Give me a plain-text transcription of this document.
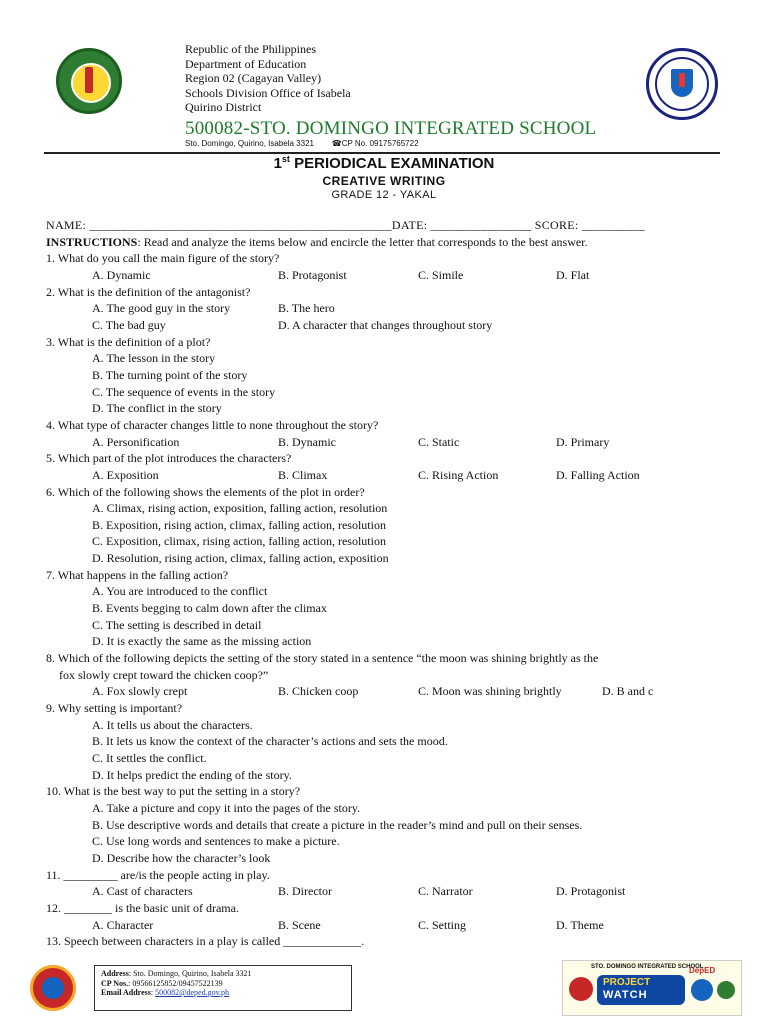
Republic of the Philippines
Department of Education
Region 02 (Cagayan Valley)
Schools Division Office of Isabela
Quirino District
500082-STO. DOMINGO INTEGRATED SCHOOL
Sto. Domingo, Quirino, Isabela 3321 ☎CP No. 09175765722
1st PERIODICAL EXAMINATION
CREATIVE WRITING
GRADE 12 - YAKAL
NAME: ________________________________________________DATE: ________________ SCORE: __________
INSTRUCTIONS: Read and analyze the items below and encircle the letter that corresponds to the best answer.
1. What do you call the main figure of the story?
A. Dynamic	B. Protagonist	C. Simile	D. Flat
2. What is the definition of the antagonist?
A. The good guy in the story	B. The hero
C. The bad guy	D. A character that changes throughout story
3. What is the definition of a plot?
A. The lesson in the story
B. The turning point of the story
C. The sequence of events in the story
D. The conflict in the story
4. What type of character changes little to none throughout the story?
A. Personification	B. Dynamic	C. Static	D. Primary
5. Which part of the plot introduces the characters?
A. Exposition	B. Climax	C. Rising Action	D. Falling Action
6. Which of the following shows the elements of the plot in order?
A. Climax, rising action, exposition, falling action, resolution
B. Exposition, rising action, climax, falling action, resolution
C. Exposition, climax, rising action, falling action, resolution
D. Resolution, rising action, climax, falling action, exposition
7. What happens in the falling action?
A. You are introduced to the conflict
B. Events begging to calm down after the climax
C. The setting is described in detail
D. It is exactly the same as the missing action
8. Which of the following depicts the setting of the story stated in a sentence “the moon was shining brightly as the
fox slowly crept toward the chicken coop?”
A. Fox slowly crept	B. Chicken coop	C. Moon was shining brightly	D. B and c
9. Why setting is important?
A. It tells us about the characters.
B. It lets us know the context of the character’s actions and sets the mood.
C. It settles the conflict.
D. It helps predict the ending of the story.
10. What is the best way to put the setting in a story?
A. Take a picture and copy it into the pages of the story.
B. Use descriptive words and details that create a picture in the reader’s mind and pull on their senses.
C. Use long words and sentences to make a picture.
D. Describe how the character’s look
11. _________ are/is the people acting in play.
A. Cast of characters	B. Director	C. Narrator	D. Protagonist
12. ________ is the basic unit of drama.
A. Character	B. Scene	C. Setting	D. Theme
13. Speech between characters in a play is called _____________.
Address: Sto. Domingo, Quirino, Isabela 3321
CP Nos.: 09566125852/09457522139
Email Address: 500082@deped.gov.ph
STO. DOMINGO INTEGRATED SCHOOL
PROJECT
WATCH
DepED
